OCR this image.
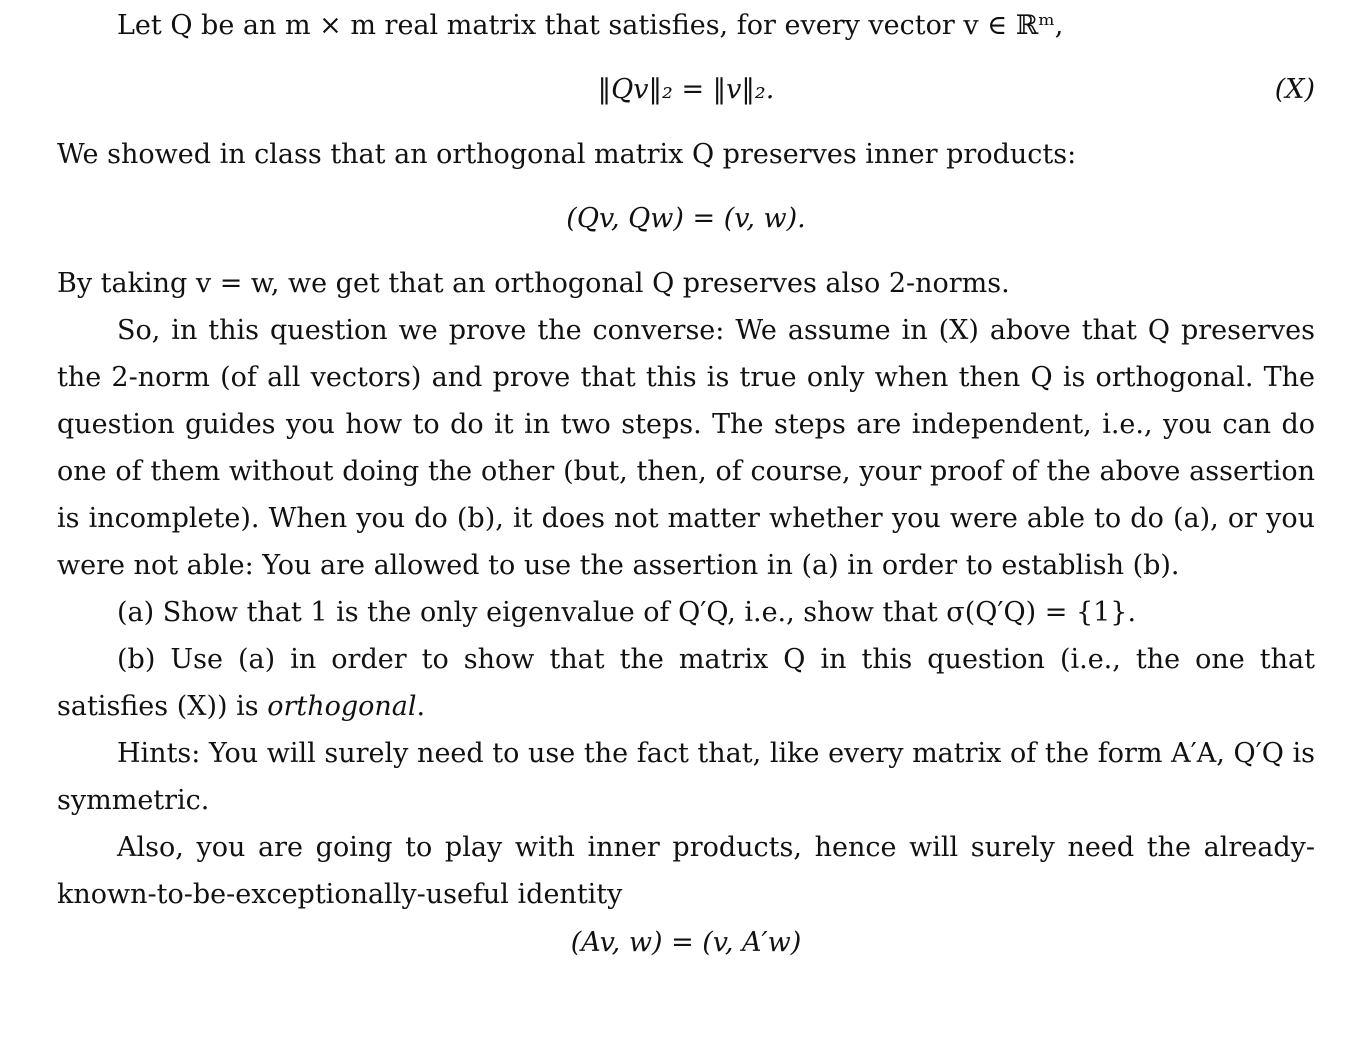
Let Q be an m × m real matrix that satisfies, for every vector v ∈ ℝᵐ,

‖Qv‖₂ = ‖v‖₂.	(X)

We showed in class that an orthogonal matrix Q preserves inner products:

(Qv, Qw) = (v, w).

By taking v = w, we get that an orthogonal Q preserves also 2-norms.

So, in this question we prove the converse: We assume in (X) above that Q preserves the 2-norm (of all vectors) and prove that this is true only when then Q is orthogonal. The question guides you how to do it in two steps. The steps are independent, i.e., you can do one of them without doing the other (but, then, of course, your proof of the above assertion is incomplete). When you do (b), it does not matter whether you were able to do (a), or you were not able: You are allowed to use the assertion in (a) in order to establish (b).

(a) Show that 1 is the only eigenvalue of Q′Q, i.e., show that σ(Q′Q) = {1}.

(b) Use (a) in order to show that the matrix Q in this question (i.e., the one that satisfies (X)) is orthogonal.

Hints: You will surely need to use the fact that, like every matrix of the form A′A, Q′Q is symmetric.

Also, you are going to play with inner products, hence will surely need the already-known-to-be-exceptionally-useful identity

(Av, w) = (v, A′w)
